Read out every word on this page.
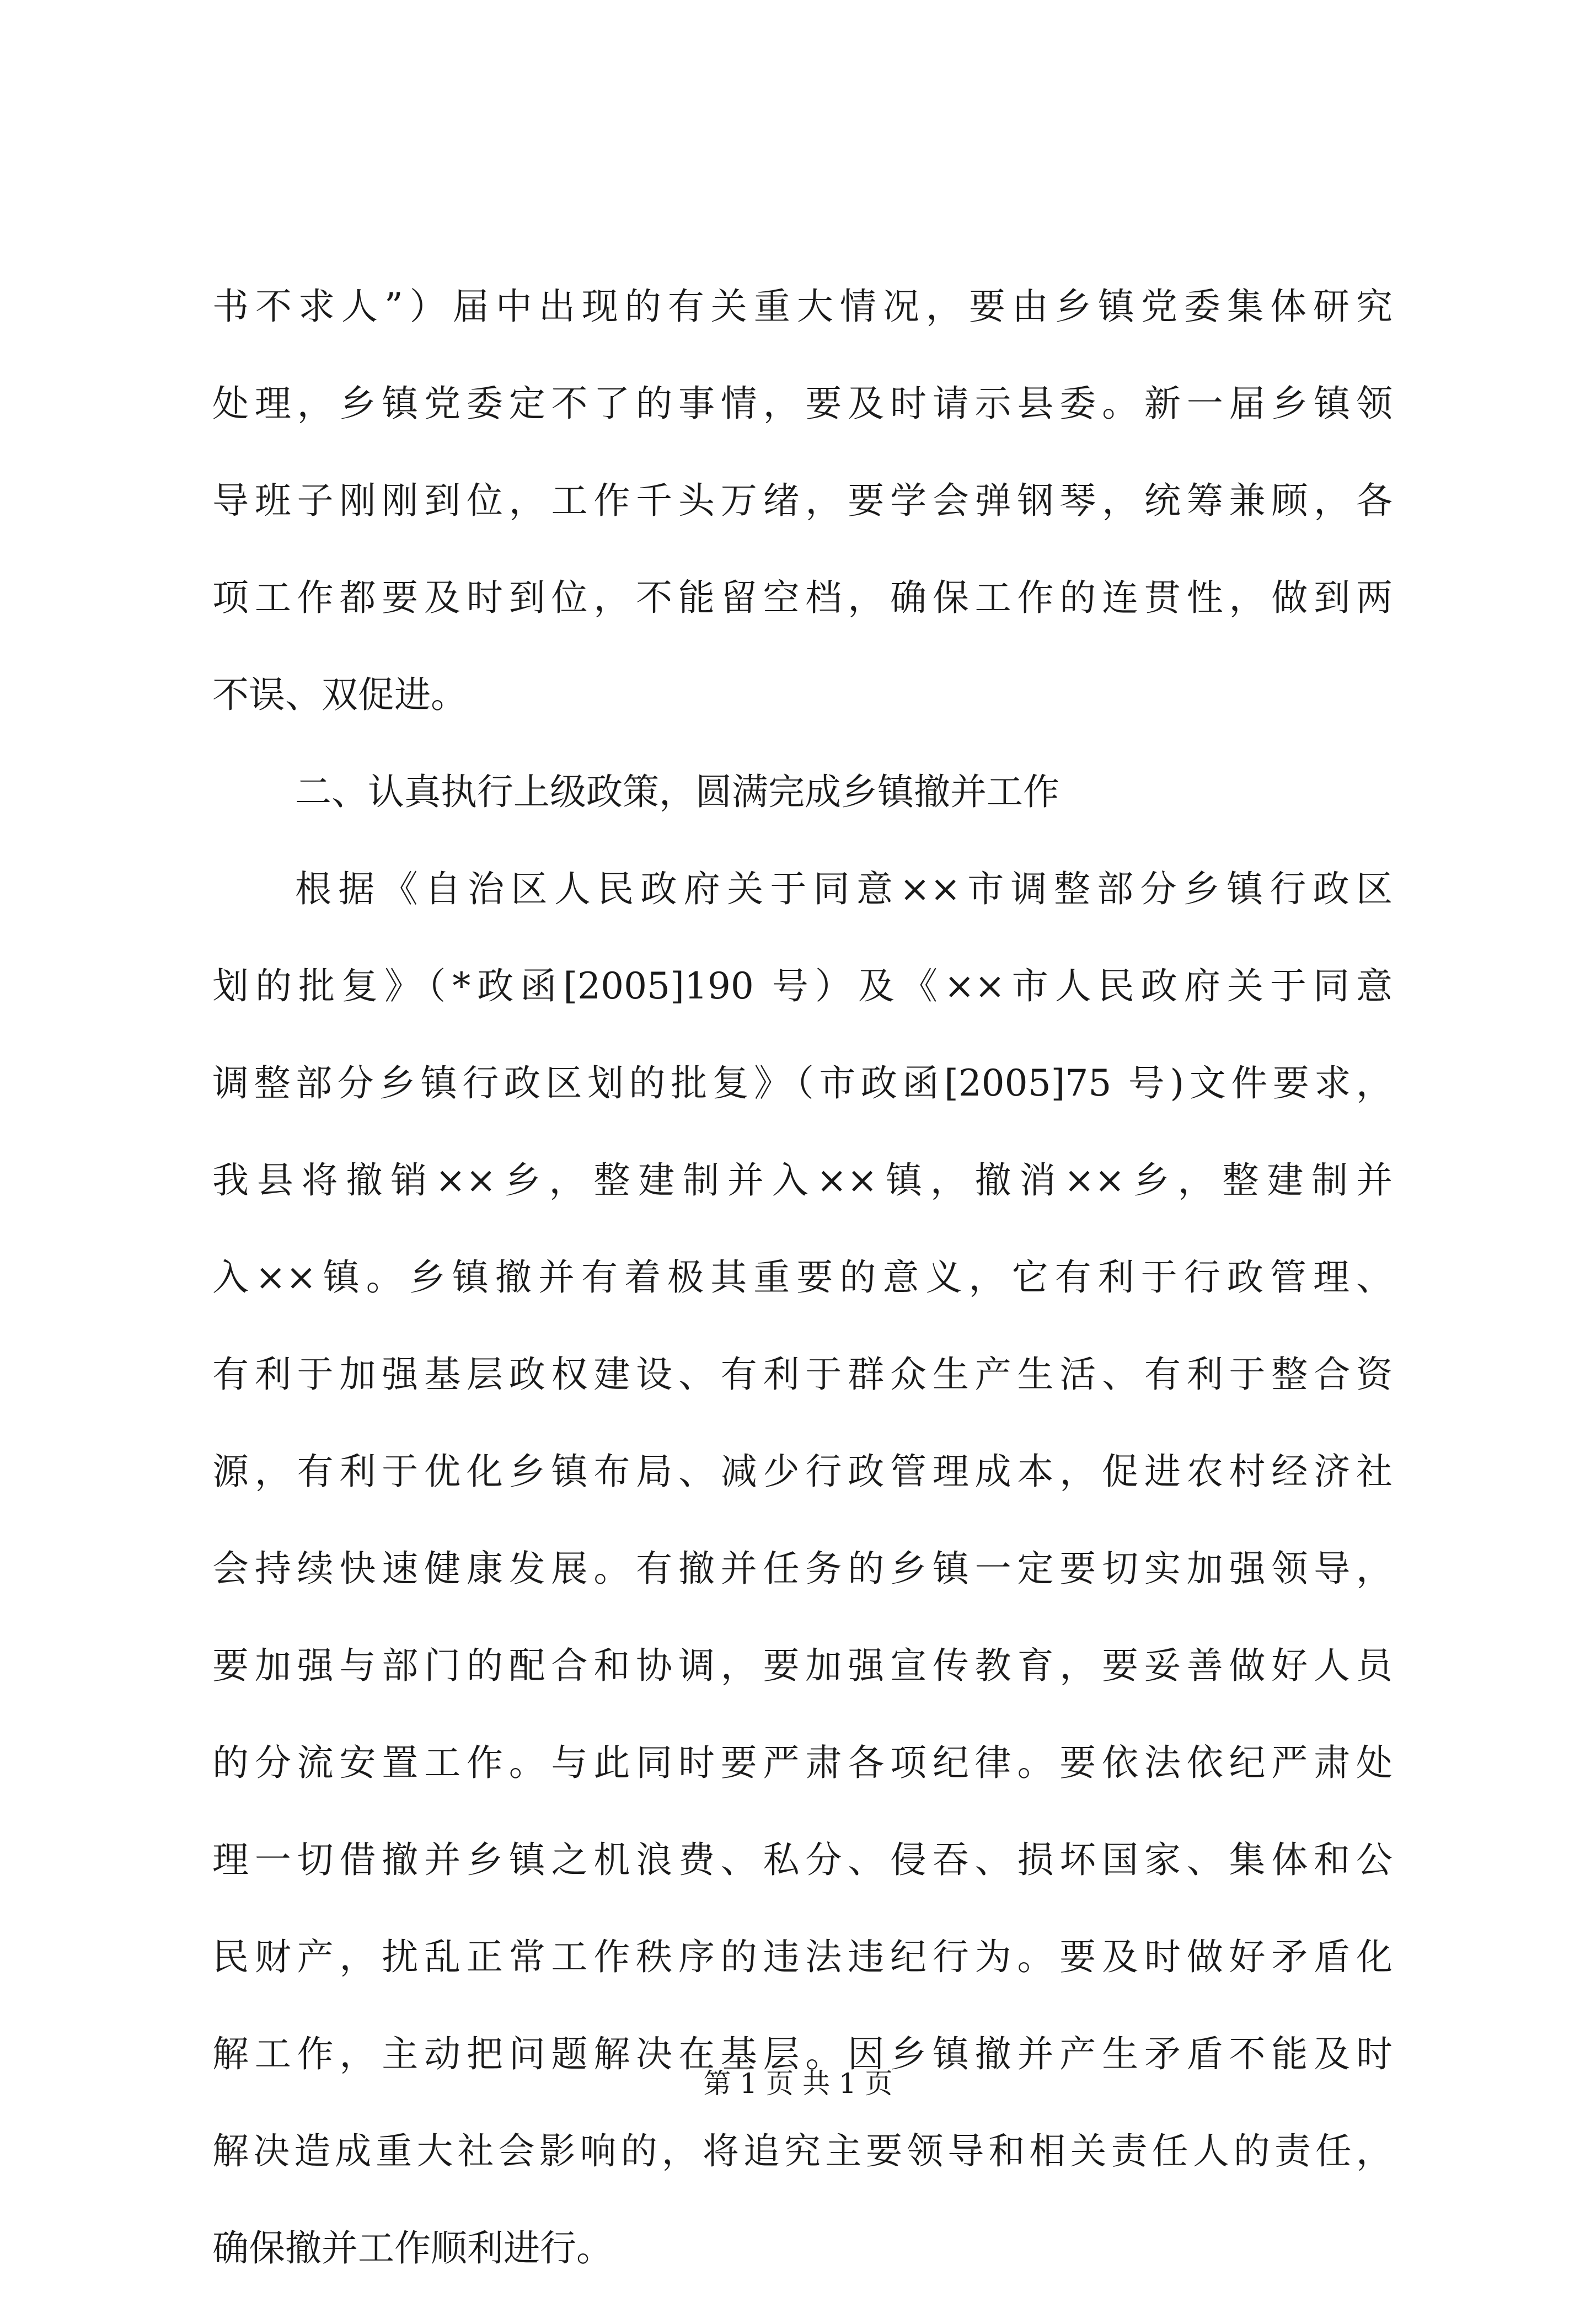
书不求人”）届中出现的有关重大情况，要由乡镇党委集体研究
处理，乡镇党委定不了的事情，要及时请示县委。新一届乡镇领
导班子刚刚到位，工作千头万绪，要学会弹钢琴，统筹兼顾，各
项工作都要及时到位，不能留空档，确保工作的连贯性，做到两
不误、双促进。
二、认真执行上级政策，圆满完成乡镇撤并工作
根据《自治区人民政府关于同意××市调整部分乡镇行政区
划的批复》（*政函[2005]190 号）及《××市人民政府关于同意
调整部分乡镇行政区划的批复》（市政函[2005]75 号)文件要求，
我县将撤销××乡，整建制并入××镇，撤消××乡，整建制并
入××镇。乡镇撤并有着极其重要的意义，它有利于行政管理、
有利于加强基层政权建设、有利于群众生产生活、有利于整合资
源，有利于优化乡镇布局、减少行政管理成本，促进农村经济社
会持续快速健康发展。有撤并任务的乡镇一定要切实加强领导，
要加强与部门的配合和协调，要加强宣传教育，要妥善做好人员
的分流安置工作。与此同时要严肃各项纪律。要依法依纪严肃处
理一切借撤并乡镇之机浪费、私分、侵吞、损坏国家、集体和公
民财产，扰乱正常工作秩序的违法违纪行为。要及时做好矛盾化
解工作，主动把问题解决在基层。因乡镇撤并产生矛盾不能及时
解决造成重大社会影响的，将追究主要领导和相关责任人的责任，
确保撤并工作顺利进行。
第 1 页 共 1 页
